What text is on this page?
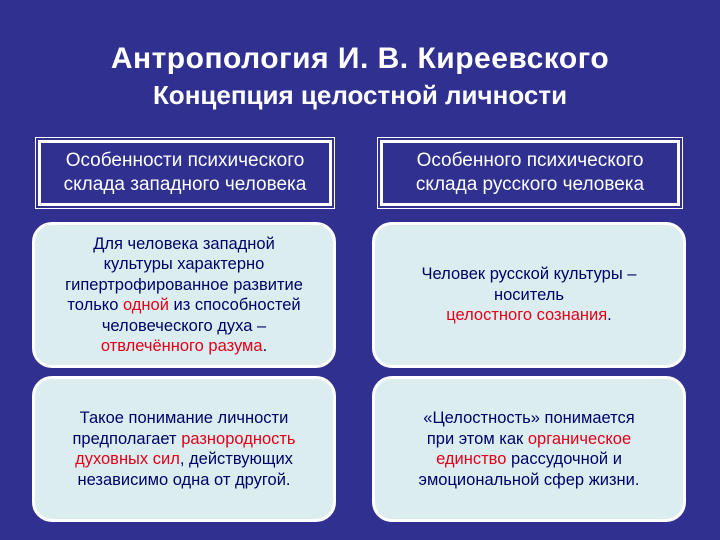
Антропология И. В. Киреевского
Концепция целостной личности
Особенности психического
склада западного человека
Особенного психического
склада русского человека

Для человека западной
культуры характерно
гипертрофированное развитие
только одной из способностей
человеческого духа –
отвлечённого разума.

Человек русской культуры –
носитель
целостного сознания.

Такое понимание личности
предполагает разнородность
духовных сил, действующих
независимо одна от другой.

«Целостность» понимается
при этом как органическое
единство рассудочной и
эмоциональной сфер жизни.
